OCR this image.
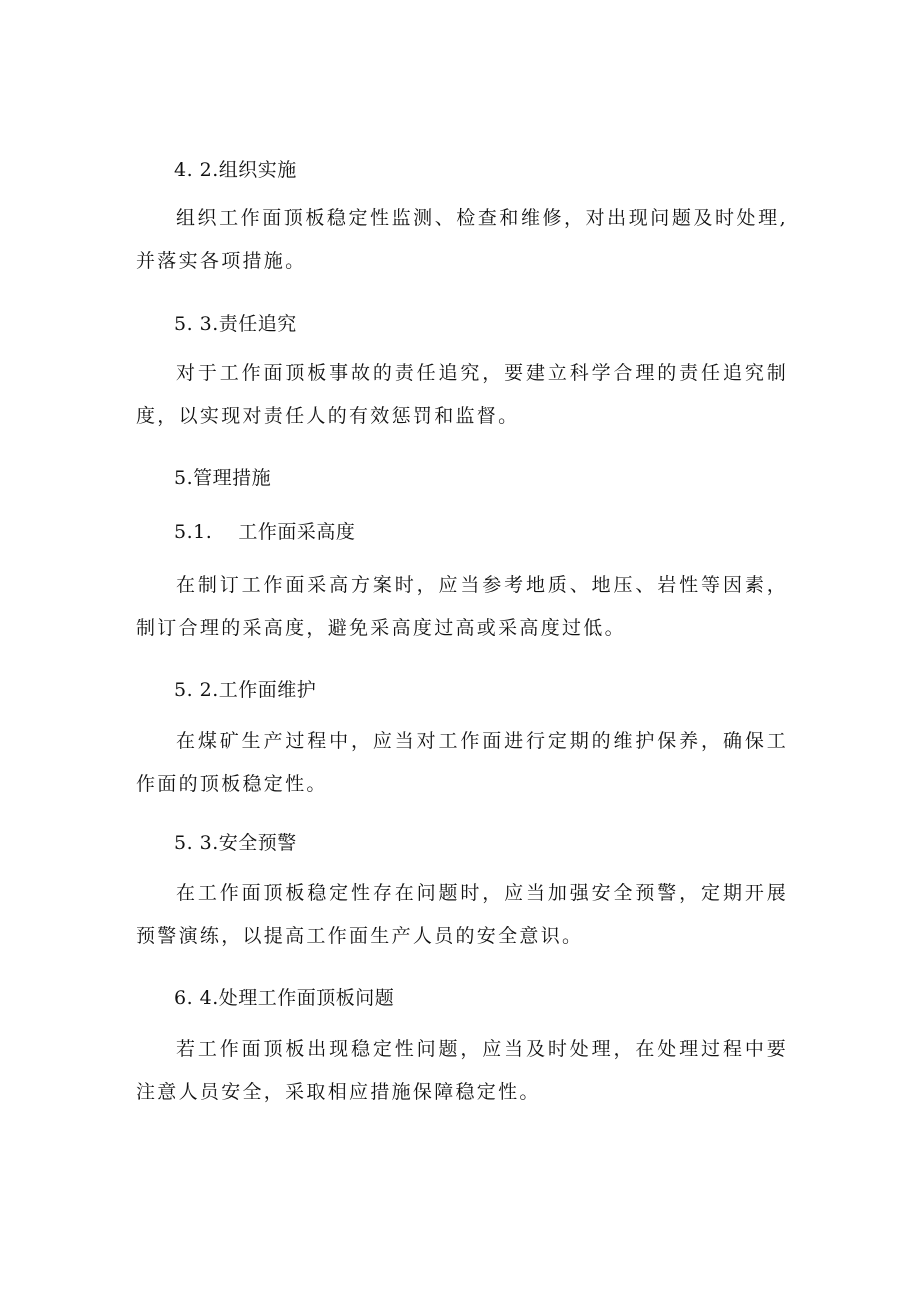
4. 2.组织实施
组织工作面顶板稳定性监测、检查和维修，对出现问题及时处理,并落实各项措施。
5. 3.责任追究
对于工作面顶板事故的责任追究，要建立科学合理的责任追究制度，以实现对责任人的有效惩罚和监督。
5.管理措施
5.1.    工作面采高度
在制订工作面采高方案时，应当参考地质、地压、岩性等因素，制订合理的采高度，避免采高度过高或采高度过低。
5. 2.工作面维护
在煤矿生产过程中，应当对工作面进行定期的维护保养，确保工作面的顶板稳定性。
5. 3.安全预警
在工作面顶板稳定性存在问题时，应当加强安全预警，定期开展预警演练，以提高工作面生产人员的安全意识。
6. 4.处理工作面顶板问题
若工作面顶板出现稳定性问题，应当及时处理，在处理过程中要注意人员安全，采取相应措施保障稳定性。
